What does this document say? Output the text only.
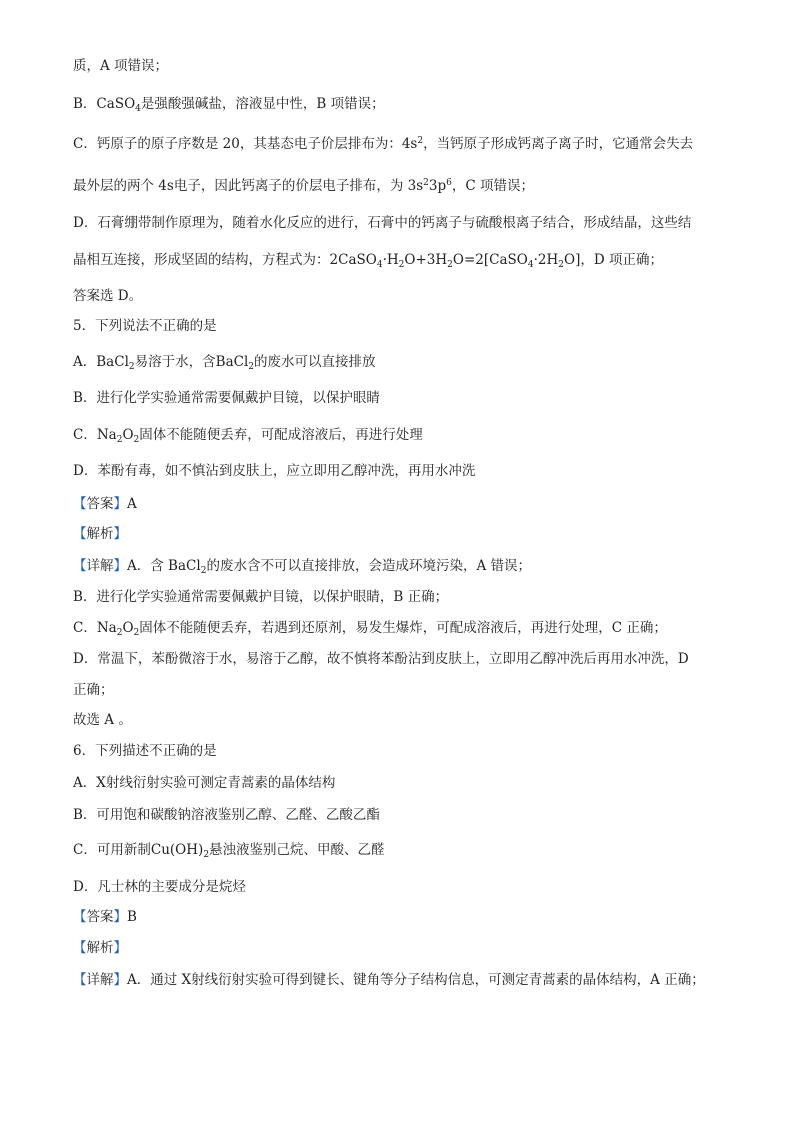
质，A 项错误；
B．CaSO$_4$是强酸强碱盐，溶液显中性，B 项错误；
C．钙原子的原子序数是 20，其基态电子价层排布为：$4s^2$，当钙原子形成钙离子离子时，它通常会失去
最外层的两个 4s电子，因此钙离子的价层电子排布，为 $3s^23p^6$，C 项错误；
D．石膏绷带制作原理为，随着水化反应的进行，石膏中的钙离子与硫酸根离子结合，形成结晶，这些结
晶相互连接，形成坚固的结构，方程式为：$2CaSO_4\cdot H_2O+3H_2O=2[CaSO_4\cdot 2H_2O]$，D 项正确；
答案选 D。
5．下列说法不正确的是
A．BaCl$_2$易溶于水，含BaCl$_2$的废水可以直接排放
B．进行化学实验通常需要佩戴护目镜，以保护眼睛
C．$Na_2O_2$固体不能随便丢弃，可配成溶液后，再进行处理
D．苯酚有毒，如不慎沾到皮肤上，应立即用乙醇冲洗，再用水冲洗
【答案】A
【解析】
【详解】A．含 BaCl$_2$的废水含不可以直接排放，会造成环境污染，A 错误；
B．进行化学实验通常需要佩戴护目镜，以保护眼睛，B 正确；
C．$Na_2O_2$固体不能随便丢弃，若遇到还原剂，易发生爆炸，可配成溶液后，再进行处理，C 正确；
D．常温下，苯酚微溶于水，易溶于乙醇，故不慎将苯酚沾到皮肤上，立即用乙醇冲洗后再用水冲洗，D
正确；
故选 A 。
6．下列描述不正确的是
A．X射线衍射实验可测定青蒿素的晶体结构
B．可用饱和碳酸钠溶液鉴别乙醇、乙醛、乙酸乙酯
C．可用新制$Cu(OH)_2$悬浊液鉴别己烷、甲酸、乙醛
D．凡士林的主要成分是烷烃
【答案】B
【解析】
【详解】A．通过 X射线衍射实验可得到键长、键角等分子结构信息，可测定青蒿素的晶体结构，A 正确；
